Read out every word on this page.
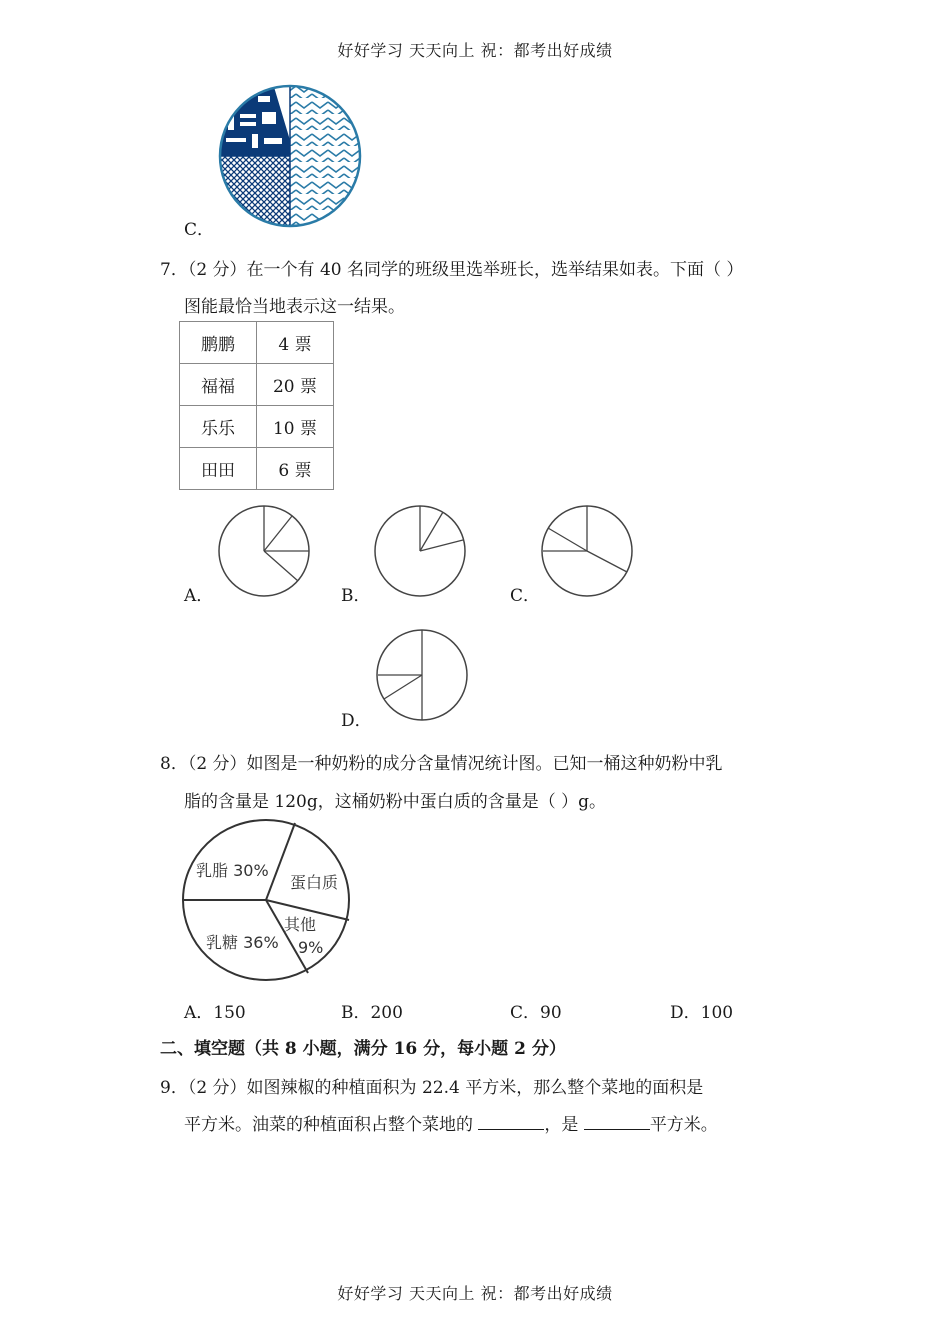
好好学习 天天向上 祝：都考出好成绩
C．
7．（2 分）在一个有 40 名同学的班级里选举班长，选举结果如表。下面（ ）
图能最恰当地表示这一结果。
鹏鹏	4 票
福福	20 票
乐乐	10 票
田田	6 票
A．	B．	C．
D．
8．（2 分）如图是一种奶粉的成分含量情况统计图。已知一桶这种奶粉中乳
脂的含量是 120g，这桶奶粉中蛋白质的含量是（ ）g。
乳脂 30%
蛋白质
其他
9%
乳糖 36%
A．150	B．200	C．90	D．100
二、填空题（共 8 小题，满分 16 分，每小题 2 分）
9．（2 分）如图辣椒的种植面积为 22.4 平方米，那么整个菜地的面积是
平方米。油菜的种植面积占整个菜地的	，是	平方米。
好好学习 天天向上 祝：都考出好成绩
